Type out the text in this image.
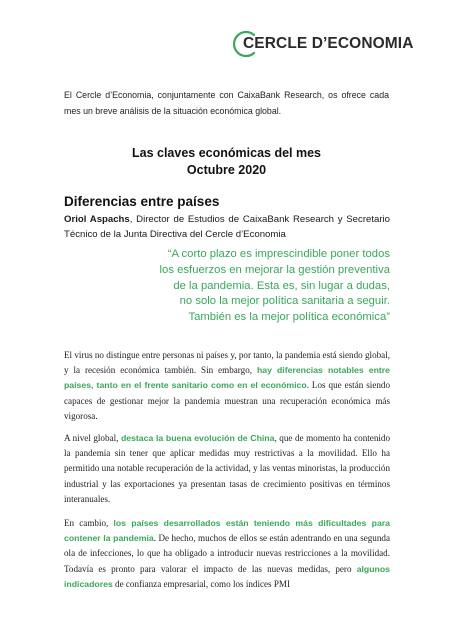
CERCLE D’ECONOMIA
El Cercle d’Economia, conjuntamente con CaixaBank Research, os ofrece cada mes un breve análisis de la situación económica global.
Las claves económicas del mes
Octubre 2020
Diferencias entre países
Oriol Aspachs, Director de Estudios de CaixaBank Research y Secretario Técnico de la Junta Directiva del Cercle d’Economia
“A corto plazo es imprescindible poner todos
los esfuerzos en mejorar la gestión preventiva
de la pandemia. Esta es, sin lugar a dudas,
no solo la mejor política sanitaria a seguir.
También es la mejor política económica”
El virus no distingue entre personas ni países y, por tanto, la pandemia está siendo global, y la recesión económica también. Sin embargo, hay diferencias notables entre países, tanto en el frente sanitario como en el económico. Los que están siendo capaces de gestionar mejor la pandemia muestran una recuperación económica más vigorosa.
A nivel global, destaca la buena evolución de China, que de momento ha contenido la pandemia sin tener que aplicar medidas muy restrictivas a la movilidad. Ello ha permitido una notable recuperación de la actividad, y las ventas minoristas, la producción industrial y las exportaciones ya presentan tasas de crecimiento positivas en términos interanuales.
En cambio, los países desarrollados están teniendo más dificultades para contener la pandemia. De hecho, muchos de ellos se están adentrando en una segunda ola de infecciones, lo que ha obligado a introducir nuevas restricciones a la movilidad. Todavía es pronto para valorar el impacto de las nuevas medidas, pero algunos indicadores de confianza empresarial, como los índices PMI
